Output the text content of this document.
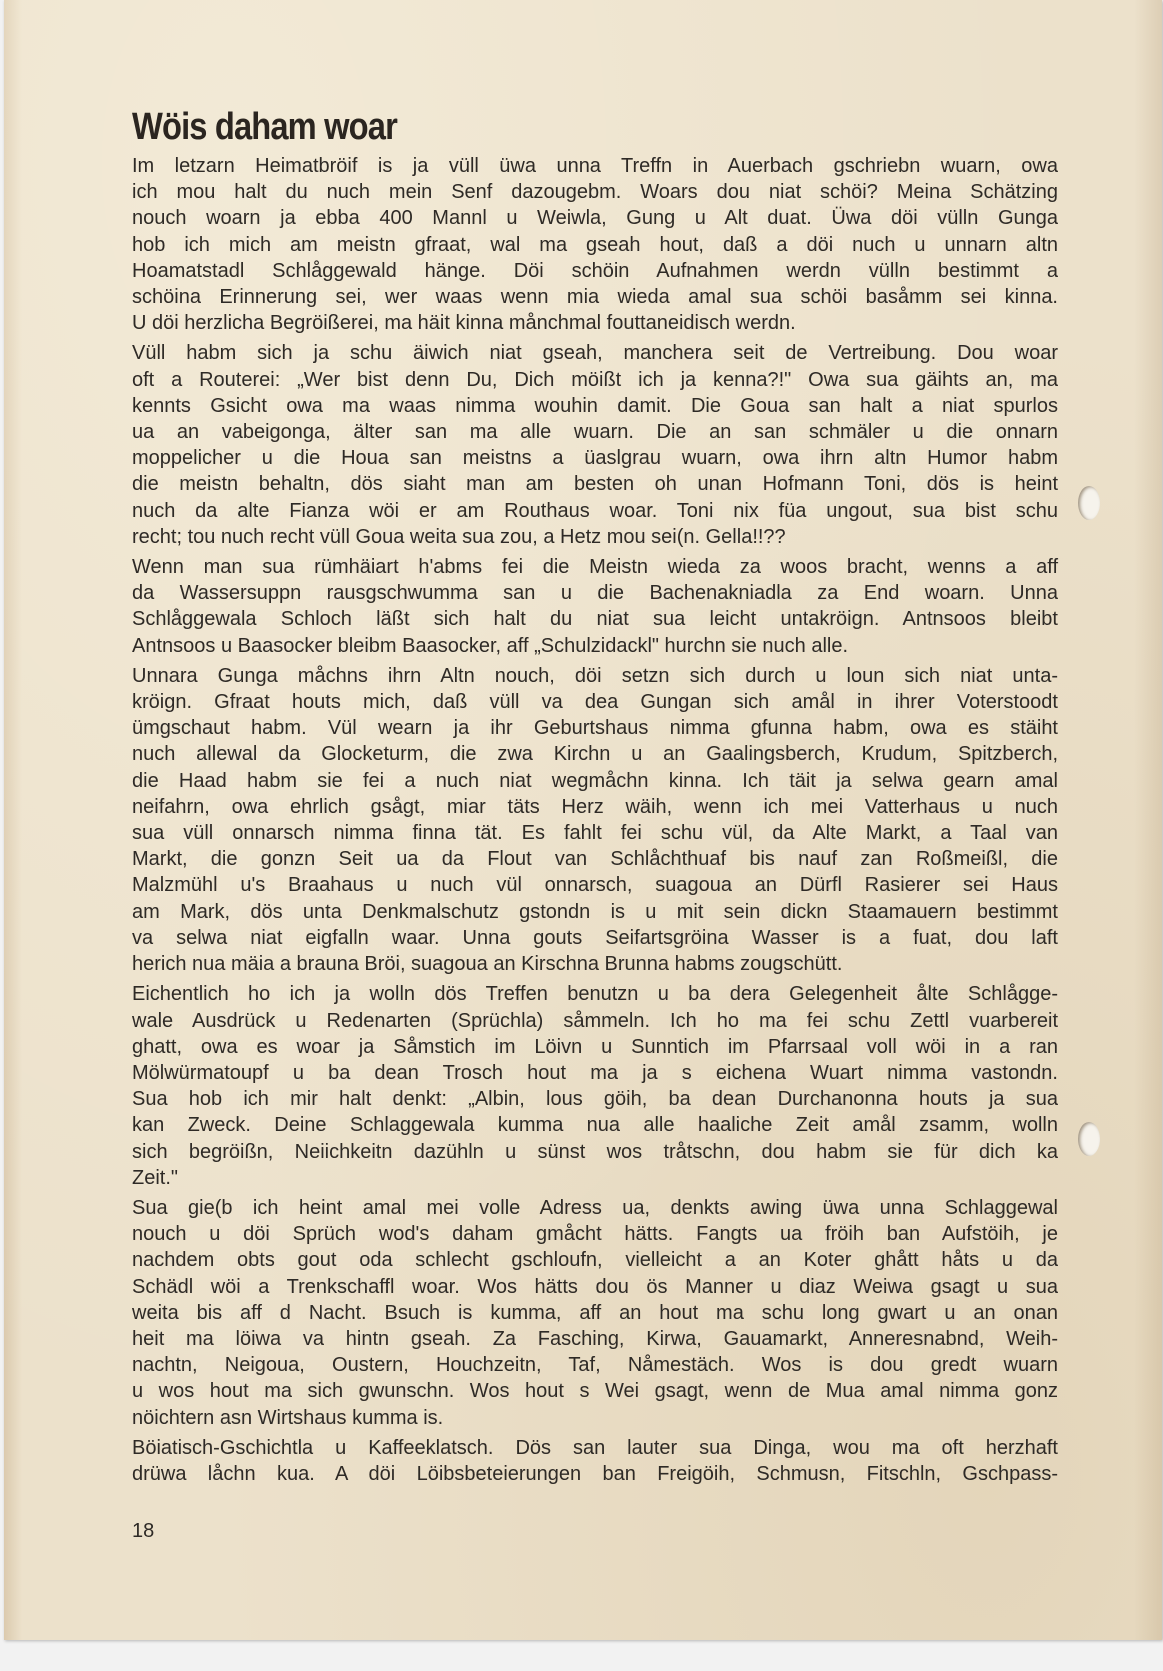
Wöis daham woar

Im letzarn Heimatbröif is ja vüll üwa unna Treffn in Auerbach gschriebn wuarn, owa
ich mou halt du nuch mein Senf dazougebm. Woars dou niat schöi? Meina Schätzing
nouch woarn ja ebba 400 Mannl u Weiwla, Gung u Alt duat. Üwa döi vülln Gunga
hob ich mich am meistn gfraat, wal ma gseah hout, daß a döi nuch u unnarn altn
Hoamatstadl Schlåggewald hänge. Döi schöin Aufnahmen werdn vülln bestimmt a
schöina Erinnerung sei, wer waas wenn mia wieda amal sua schöi basåmm sei kinna.
U döi herzlicha Begröißerei, ma häit kinna månchmal fouttaneidisch werdn.

Vüll habm sich ja schu äiwich niat gseah, manchera seit de Vertreibung. Dou woar
oft a Routerei: „Wer bist denn Du, Dich möißt ich ja kenna?!" Owa sua gäihts an, ma
kennts Gsicht owa ma waas nimma wouhin damit. Die Goua san halt a niat spurlos
ua an vabeigonga, älter san ma alle wuarn. Die an san schmäler u die onnarn
moppelicher u die Houa san meistns a üaslgrau wuarn, owa ihrn altn Humor habm
die meistn behaltn, dös siaht man am besten oh unan Hofmann Toni, dös is heint
nuch da alte Fianza wöi er am Routhaus woar. Toni nix füa ungout, sua bist schu
recht; tou nuch recht vüll Goua weita sua zou, a Hetz mou sei(n. Gella!!??

Wenn man sua rümhäiart h'abms fei die Meistn wieda za woos bracht, wenns a aff
da Wassersuppn rausgschwumma san u die Bachenakniadla za End woarn. Unna
Schlåggewala Schloch läßt sich halt du niat sua leicht untakröign. Antnsoos bleibt
Antnsoos u Baasocker bleibm Baasocker, aff „Schulzidackl" hurchn sie nuch alle.

Unnara Gunga måchns ihrn Altn nouch, döi setzn sich durch u loun sich niat unta-
kröign. Gfraat houts mich, daß vüll va dea Gungan sich amål in ihrer Voterstoodt
ümgschaut habm. Vül wearn ja ihr Geburtshaus nimma gfunna habm, owa es stäiht
nuch allewal da Glocketurm, die zwa Kirchn u an Gaalingsberch, Krudum, Spitzberch,
die Haad habm sie fei a nuch niat wegmåchn kinna. Ich täit ja selwa gearn amal
neifahrn, owa ehrlich gsågt, miar täts Herz wäih, wenn ich mei Vatterhaus u nuch
sua vüll onnarsch nimma finna tät. Es fahlt fei schu vül, da Alte Markt, a Taal van
Markt, die gonzn Seit ua da Flout van Schlåchthuaf bis nauf zan Roßmeißl, die
Malzmühl u's Braahaus u nuch vül onnarsch, suagoua an Dürfl Rasierer sei Haus
am Mark, dös unta Denkmalschutz gstondn is u mit sein dickn Staamauern bestimmt
va selwa niat eigfalln waar. Unna gouts Seifartsgröina Wasser is a fuat, dou laft
herich nua mäia a brauna Bröi, suagoua an Kirschna Brunna habms zougschütt.

Eichentlich ho ich ja wolln dös Treffen benutzn u ba dera Gelegenheit ålte Schlågge-
wale Ausdrück u Redenarten (Sprüchla) såmmeln. Ich ho ma fei schu Zettl vuarbereit
ghatt, owa es woar ja Såmstich im Löivn u Sunntich im Pfarrsaal voll wöi in a ran
Mölwürmatoupf u ba dean Trosch hout ma ja s eichena Wuart nimma vastondn.
Sua hob ich mir halt denkt: „Albin, lous göih, ba dean Durchanonna houts ja sua
kan Zweck. Deine Schlaggewala kumma nua alle haaliche Zeit amål zsamm, wolln
sich begröißn, Neiichkeitn dazühln u sünst wos tråtschn, dou habm sie für dich ka
Zeit."

Sua gie(b ich heint amal mei volle Adress ua, denkts awing üwa unna Schlaggewal
nouch u döi Sprüch wod's daham gmåcht hätts. Fangts ua fröih ban Aufstöih, je
nachdem obts gout oda schlecht gschloufn, vielleicht a an Koter ghått håts u da
Schädl wöi a Trenkschaffl woar. Wos hätts dou ös Manner u diaz Weiwa gsagt u sua
weita bis aff d Nacht. Bsuch is kumma, aff an hout ma schu long gwart u an onan
heit ma löiwa va hintn gseah. Za Fasching, Kirwa, Gauamarkt, Anneresnabnd, Weih-
nachtn, Neigoua, Oustern, Houchzeitn, Taf, Nåmestäch. Wos is dou gredt wuarn
u wos hout ma sich gwunschn. Wos hout s Wei gsagt, wenn de Mua amal nimma gonz
nöichtern asn Wirtshaus kumma is.

Böiatisch-Gschichtla u Kaffeeklatsch. Dös san lauter sua Dinga, wou ma oft herzhaft
drüwa låchn kua. A döi Löibsbeteierungen ban Freigöih, Schmusn, Fitschln, Gschpass-

18
